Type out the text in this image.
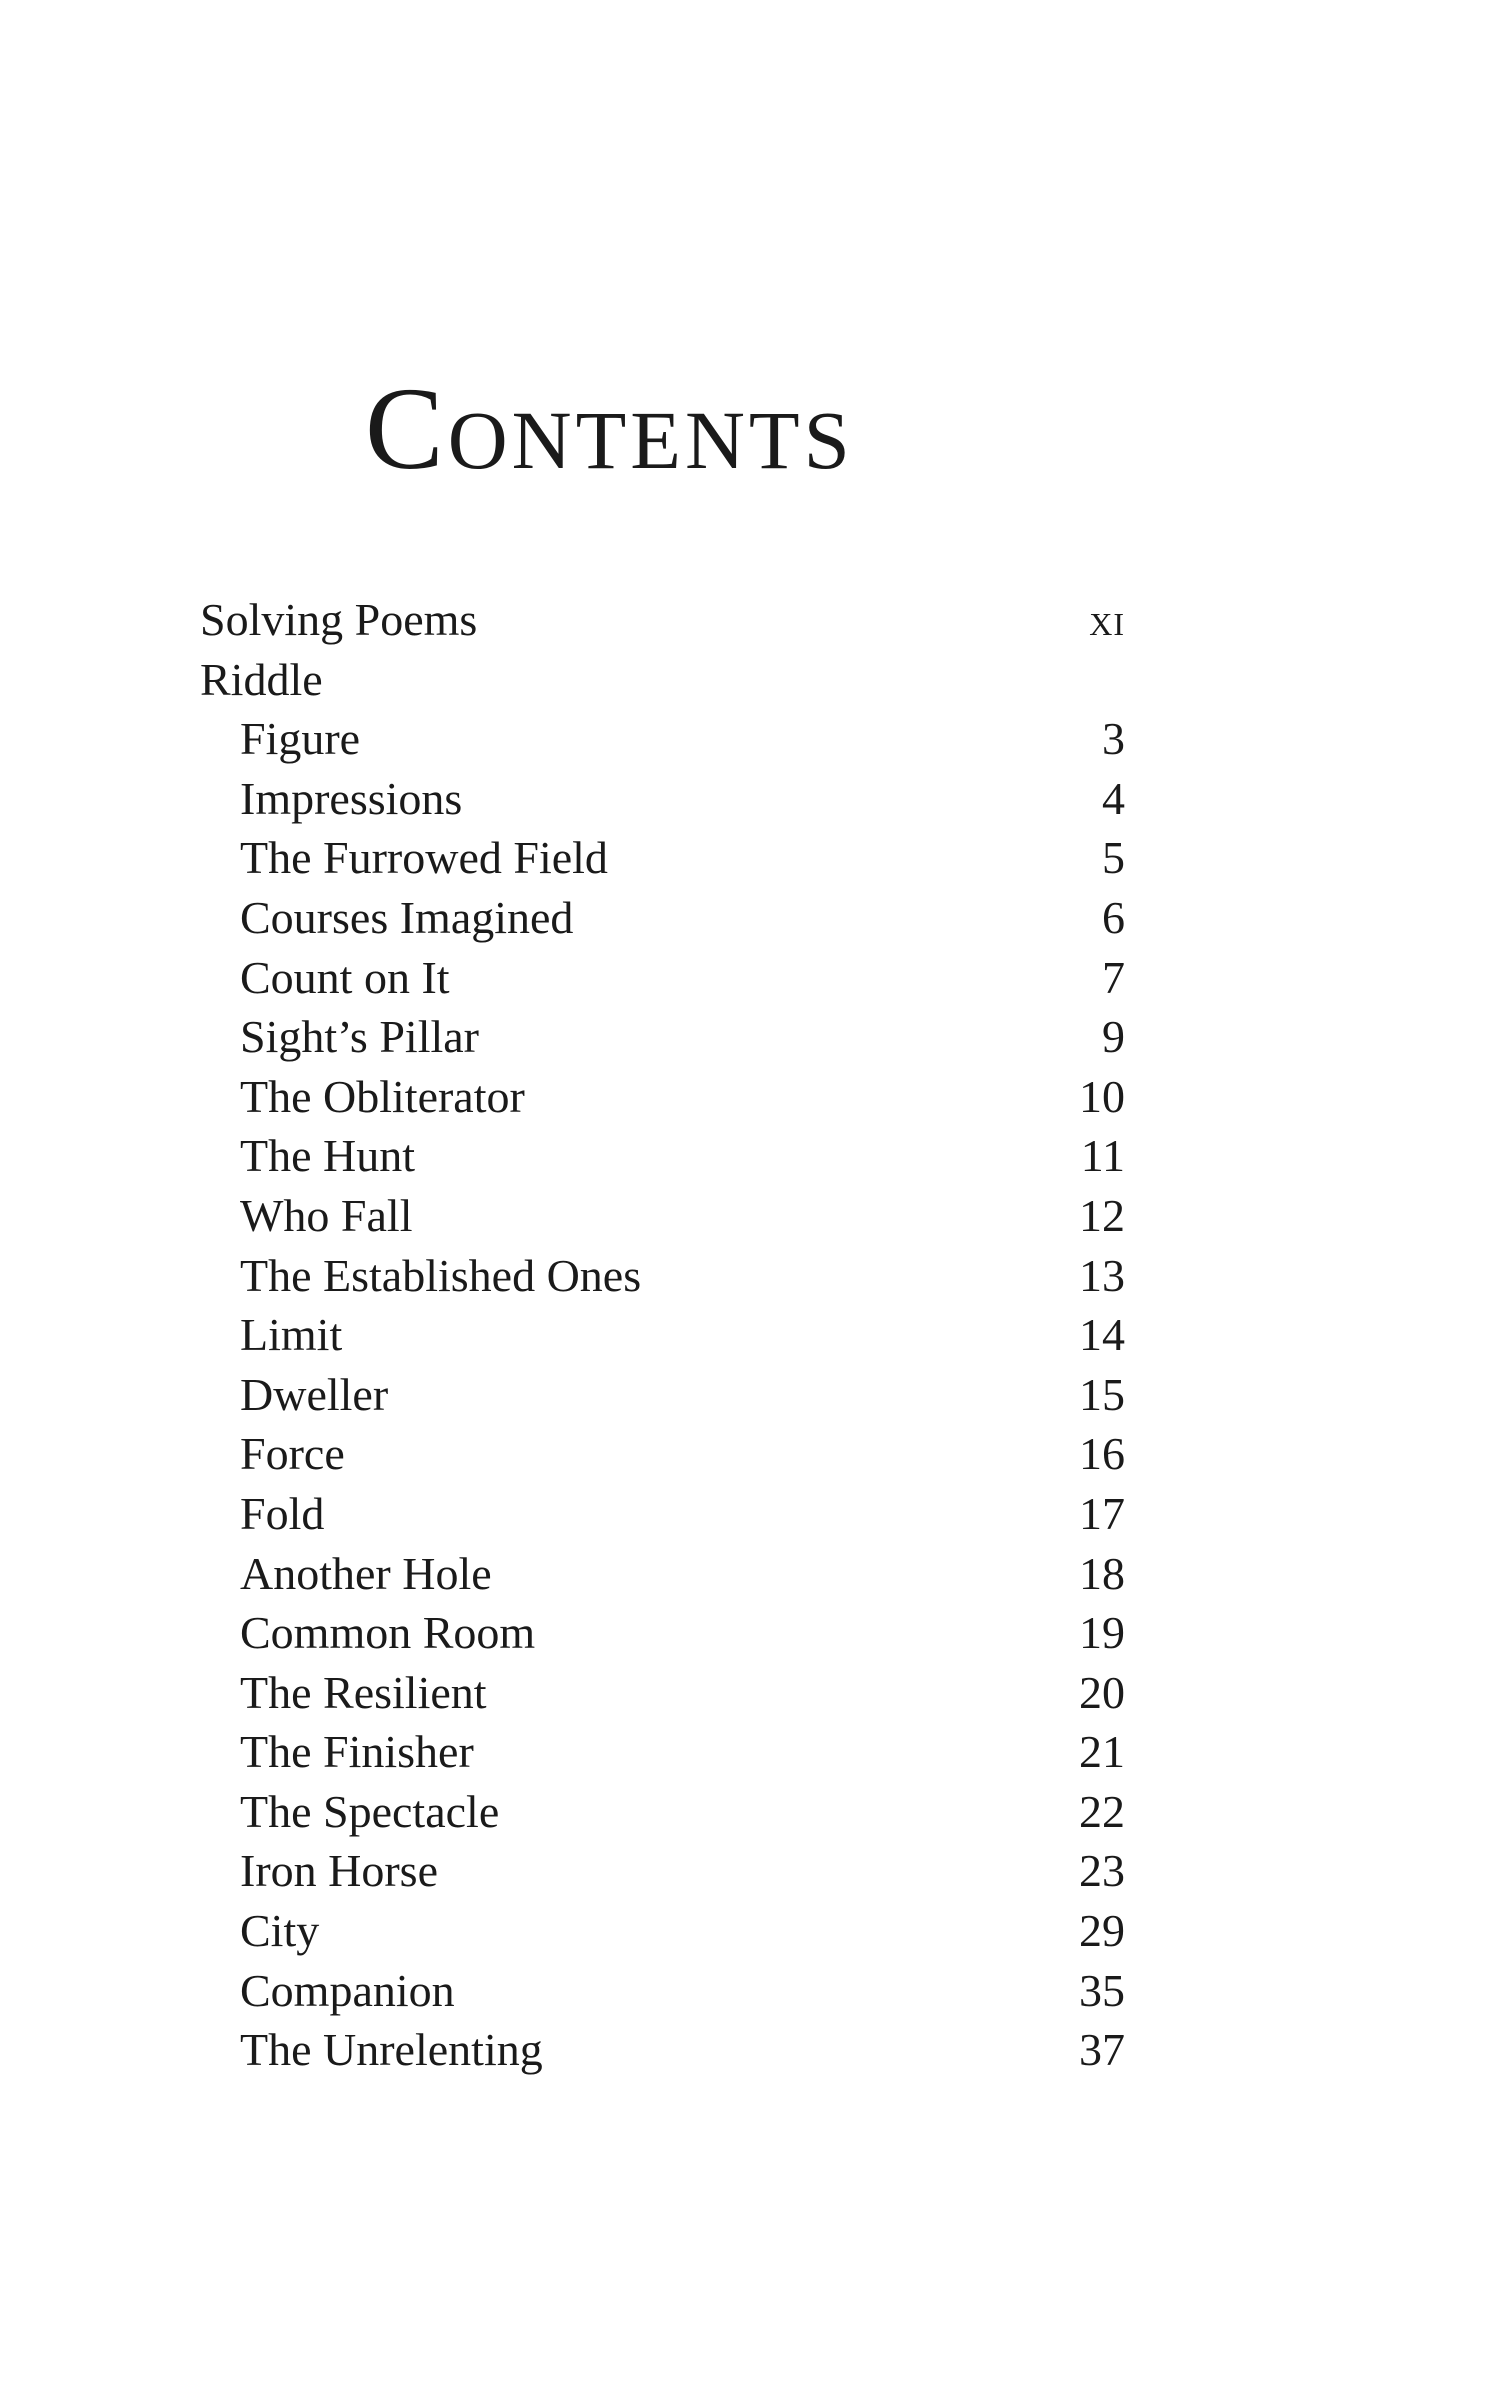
Contents
Solving Poems	xi
Riddle
Figure	3
Impressions	4
The Furrowed Field	5
Courses Imagined	6
Count on It	7
Sight’s Pillar	9
The Obliterator	10
The Hunt	11
Who Fall	12
The Established Ones	13
Limit	14
Dweller	15
Force	16
Fold	17
Another Hole	18
Common Room	19
The Resilient	20
The Finisher	21
The Spectacle	22
Iron Horse	23
City	29
Companion	35
The Unrelenting	37
